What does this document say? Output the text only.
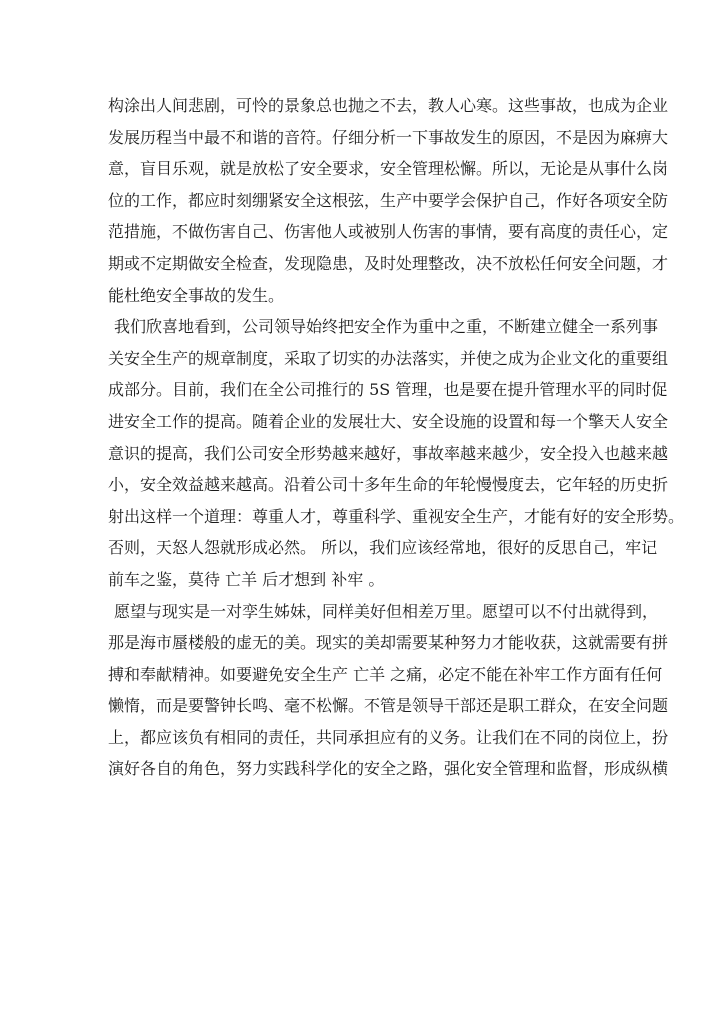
构涂出人间悲剧，可怜的景象总也抛之不去，教人心寒。这些事故，也成为企业
发展历程当中最不和谐的音符。仔细分析一下事故发生的原因，不是因为麻痹大
意，盲目乐观，就是放松了安全要求，安全管理松懈。所以，无论是从事什么岗
位的工作，都应时刻绷紧安全这根弦，生产中要学会保护自己，作好各项安全防
范措施，不做伤害自己、伤害他人或被别人伤害的事情，要有高度的责任心，定
期或不定期做安全检查，发现隐患，及时处理整改，决不放松任何安全问题，才
能杜绝安全事故的发生。
我们欣喜地看到，公司领导始终把安全作为重中之重，不断建立健全一系列事
关安全生产的规章制度，采取了切实的办法落实，并使之成为企业文化的重要组
成部分。目前，我们在全公司推行的 5S 管理，也是要在提升管理水平的同时促
进安全工作的提高。随着企业的发展壮大、安全设施的设置和每一个擎天人安全
意识的提高，我们公司安全形势越来越好，事故率越来越少，安全投入也越来越
小，安全效益越来越高。沿着公司十多年生命的年轮慢慢度去，它年轻的历史折
射出这样一个道理：尊重人才，尊重科学、重视安全生产，才能有好的安全形势。
否则，天怒人怨就形成必然。 所以，我们应该经常地，很好的反思自己，牢记
前车之鉴，莫待 亡羊 后才想到 补牢 。
愿望与现实是一对孪生姊妹，同样美好但相差万里。愿望可以不付出就得到，
那是海市蜃楼般的虚无的美。现实的美却需要某种努力才能收获，这就需要有拼
搏和奉献精神。如要避免安全生产 亡羊 之痛，必定不能在补牢工作方面有任何
懒惰，而是要警钟长鸣、毫不松懈。不管是领导干部还是职工群众，在安全问题
上，都应该负有相同的责任，共同承担应有的义务。让我们在不同的岗位上，扮
演好各自的角色，努力实践科学化的安全之路，强化安全管理和监督，形成纵横
